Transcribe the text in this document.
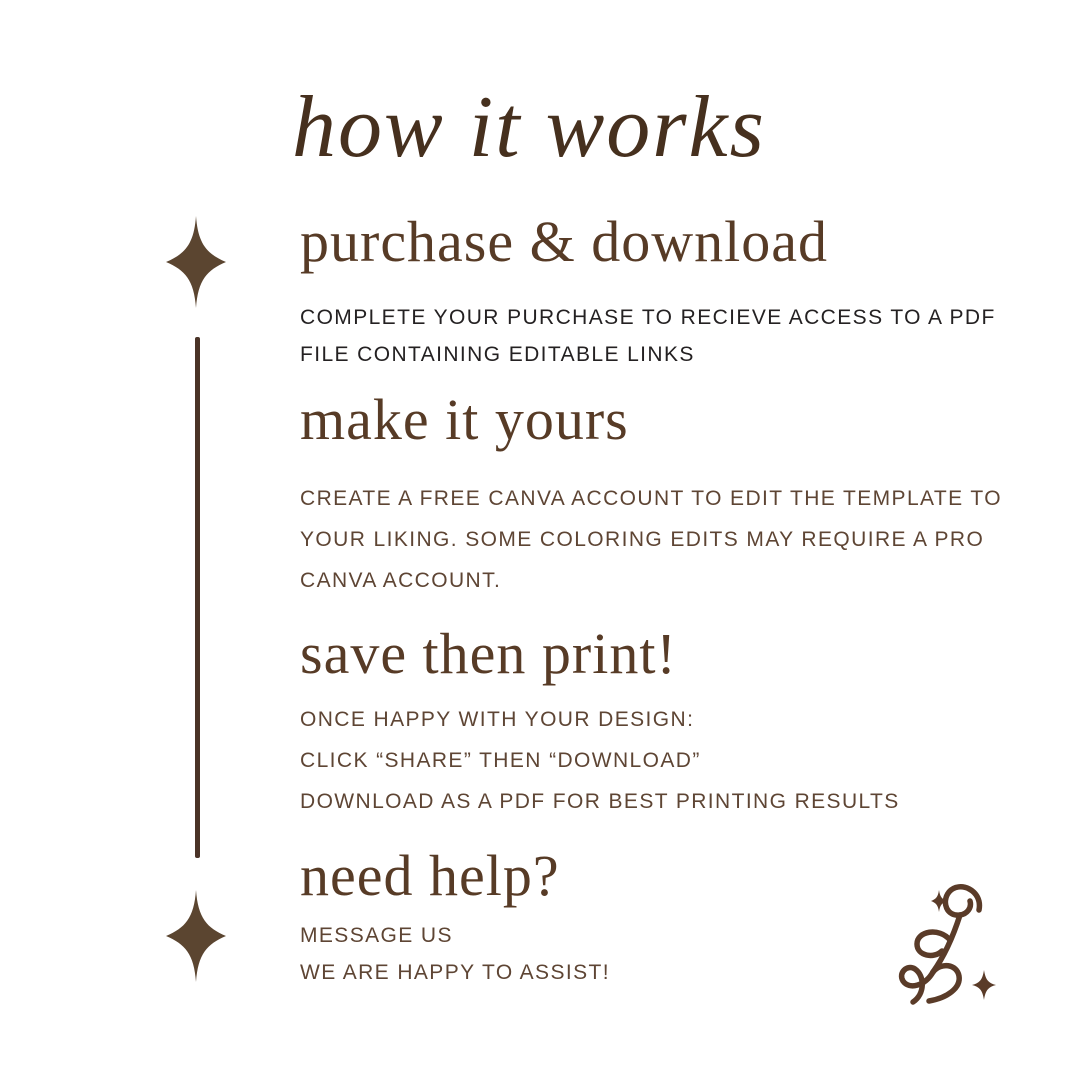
how it works
purchase & download

COMPLETE YOUR PURCHASE TO RECIEVE ACCESS TO A PDF
FILE CONTAINING EDITABLE LINKS

make it yours

CREATE A FREE CANVA ACCOUNT TO EDIT THE TEMPLATE TO
YOUR LIKING. SOME COLORING EDITS MAY REQUIRE A PRO
CANVA ACCOUNT.

save then print!

ONCE HAPPY WITH YOUR DESIGN:
CLICK “SHARE” THEN “DOWNLOAD”
DOWNLOAD AS A PDF FOR BEST PRINTING RESULTS

need help?

MESSAGE US
WE ARE HAPPY TO ASSIST!
